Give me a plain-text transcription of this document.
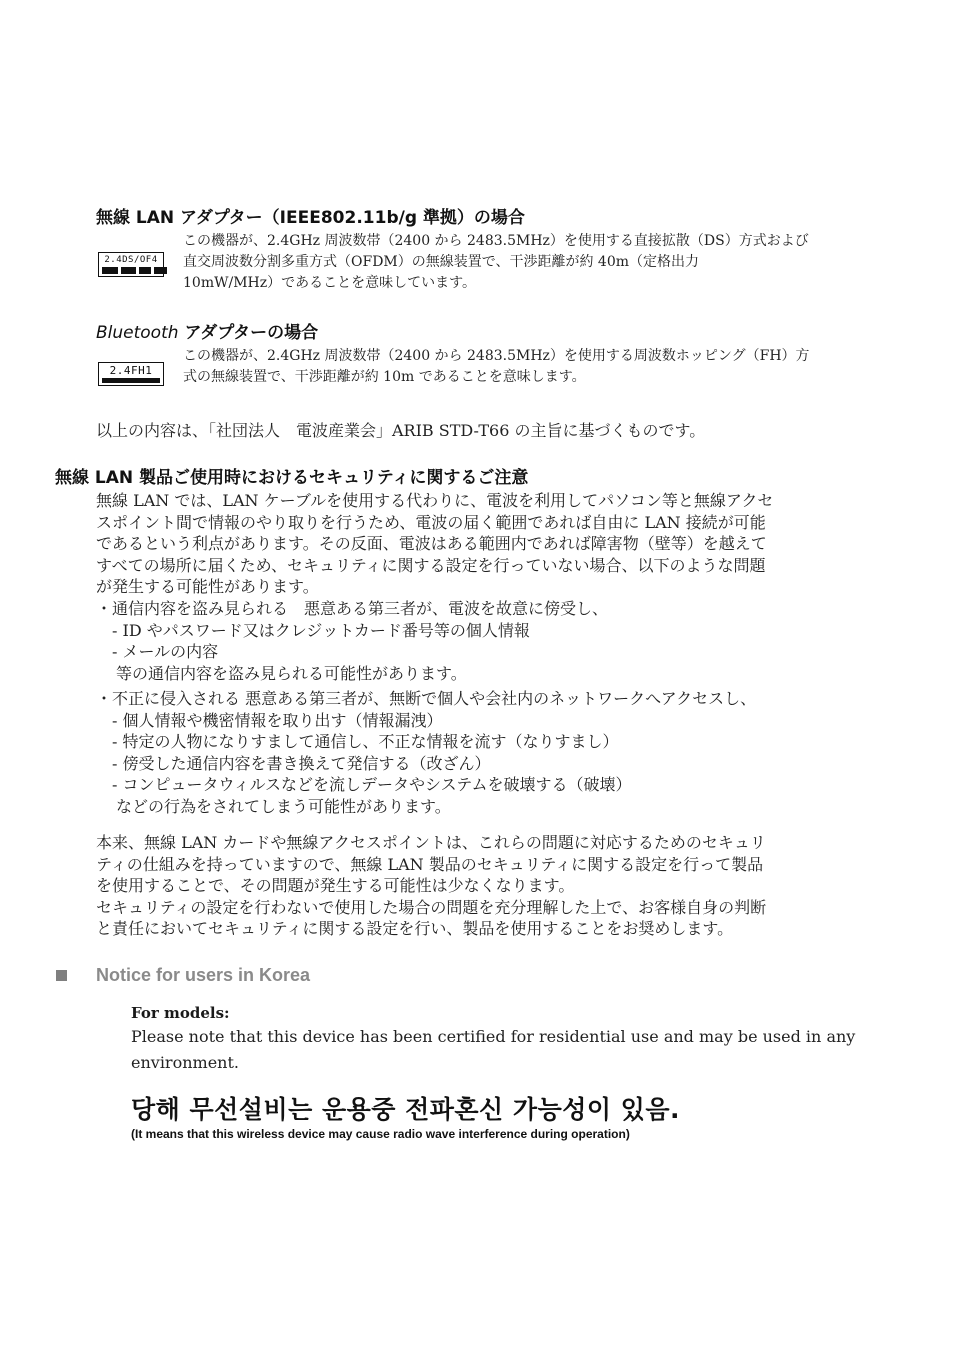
無線 LAN アダプター（IEEE802.11b/g 準拠）の場合
2.4DS/OF4
この機器が、2.4GHz 周波数帯（2400 から 2483.5MHz）を使用する直接拡散（DS）方式および
直交周波数分割多重方式（OFDM）の無線装置で、干渉距離が約 40m（定格出力
10mW/MHz）であることを意味しています。
Bluetooth アダプターの場合
2.4FH1
この機器が、2.4GHz 周波数帯（2400 から 2483.5MHz）を使用する周波数ホッピング（FH）方
式の無線装置で、干渉距離が約 10m であることを意味します。
以上の内容は、「社団法人　電波産業会」ARIB STD-T66 の主旨に基づくものです。
無線 LAN 製品ご使用時におけるセキュリティに関するご注意
無線 LAN では、LAN ケーブルを使用する代わりに、電波を利用してパソコン等と無線アクセ
スポイント間で情報のやり取りを行うため、電波の届く範囲であれば自由に LAN 接続が可能
であるという利点があります。その反面、電波はある範囲内であれば障害物（壁等）を越えて
すべての場所に届くため、セキュリティに関する設定を行っていない場合、以下のような問題
が発生する可能性があります。
・通信内容を盗み見られる　悪意ある第三者が、電波を故意に傍受し、
- ID やパスワード又はクレジットカード番号等の個人情報
- メールの内容
等の通信内容を盗み見られる可能性があります。
・不正に侵入される 悪意ある第三者が、無断で個人や会社内のネットワークへアクセスし、
- 個人情報や機密情報を取り出す（情報漏洩）
- 特定の人物になりすまして通信し、不正な情報を流す（なりすまし）
- 傍受した通信内容を書き換えて発信する（改ざん）
- コンピュータウィルスなどを流しデータやシステムを破壊する（破壊）
などの行為をされてしまう可能性があります。
本来、無線 LAN カードや無線アクセスポイントは、これらの問題に対応するためのセキュリ
ティの仕組みを持っていますので、無線 LAN 製品のセキュリティに関する設定を行って製品
を使用することで、その問題が発生する可能性は少なくなります。
セキュリティの設定を行わないで使用した場合の問題を充分理解した上で、お客様自身の判断
と責任においてセキュリティに関する設定を行い、製品を使用することをお奨めします。
Notice for users in Korea
For models:
Please note that this device has been certified for residential use and may be used in any
environment.
당해 무선설비는 운용중 전파혼신 가능성이 있음.
(It means that this wireless device may cause radio wave interference during operation)
